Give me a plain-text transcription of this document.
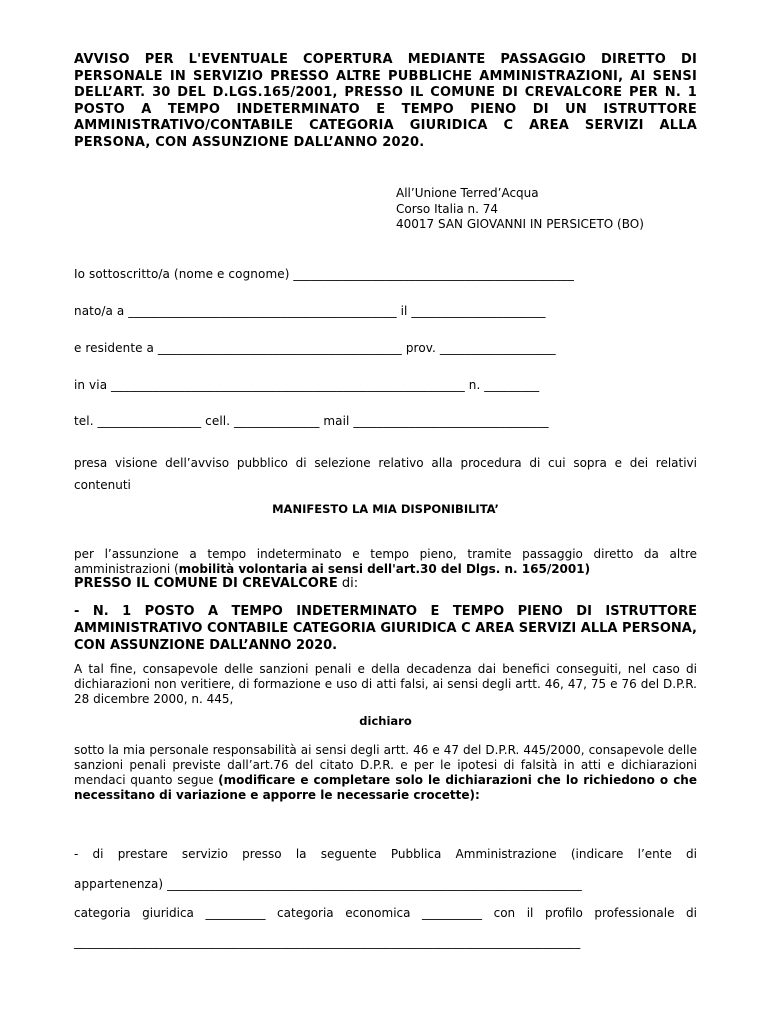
AVVISO PER L'EVENTUALE COPERTURA MEDIANTE PASSAGGIO DIRETTO DI PERSONALE IN SERVIZIO PRESSO ALTRE PUBBLICHE AMMINISTRAZIONI, AI SENSI DELL’ART. 30 DEL D.LGS.165/2001, PRESSO IL COMUNE DI CREVALCORE PER N. 1 POSTO A TEMPO INDETERMINATO E TEMPO PIENO DI UN ISTRUTTORE AMMINISTRATIVO/CONTABILE CATEGORIA GIURIDICA C AREA SERVIZI ALLA PERSONA, CON ASSUNZIONE DALL’ANNO 2020.

All’Unione Terred’Acqua
Corso Italia n. 74
40017 SAN GIOVANNI IN PERSICETO (BO)
Io sottoscritto/a (nome e cognome) ______________________________________________
nato/a a ____________________________________________ il ______________________
e residente a ________________________________________ prov. ___________________
in via __________________________________________________________ n. _________
tel. _________________ cell. ______________ mail ________________________________
presa visione dell’avviso pubblico di selezione relativo alla procedura di cui sopra e dei relativi contenuti
MANIFESTO LA MIA DISPONIBILITA’
per l’assunzione a tempo indeterminato e tempo pieno, tramite passaggio diretto da altre amministrazioni (mobilità volontaria ai sensi dell'art.30 del Dlgs. n. 165/2001)
PRESSO IL COMUNE DI CREVALCORE di:
- N. 1 POSTO A TEMPO INDETERMINATO E TEMPO PIENO DI ISTRUTTORE AMMINISTRATIVO CONTABILE CATEGORIA GIURIDICA C AREA SERVIZI ALLA PERSONA, CON ASSUNZIONE DALL’ANNO 2020.
A tal fine, consapevole delle sanzioni penali e della decadenza dai benefici conseguiti, nel caso di dichiarazioni non veritiere, di formazione e uso di atti falsi, ai sensi degli artt. 46, 47, 75 e 76 del D.P.R. 28 dicembre 2000, n. 445,
dichiaro
sotto la mia personale responsabilità ai sensi degli artt. 46 e 47 del D.P.R. 445/2000, consapevole delle sanzioni penali previste dall’art.76 del citato D.P.R. e per le ipotesi di falsità in atti e dichiarazioni mendaci quanto segue (modificare e completare solo le dichiarazioni che lo richiedono o che necessitano di variazione e apporre le necessarie crocette):
- di prestare servizio presso la seguente Pubblica Amministrazione (indicare l’ente di
appartenenza) ____________________________________________________________________
categoria giuridica __________ categoria economica __________ con il profilo professionale di
___________________________________________________________________________________
